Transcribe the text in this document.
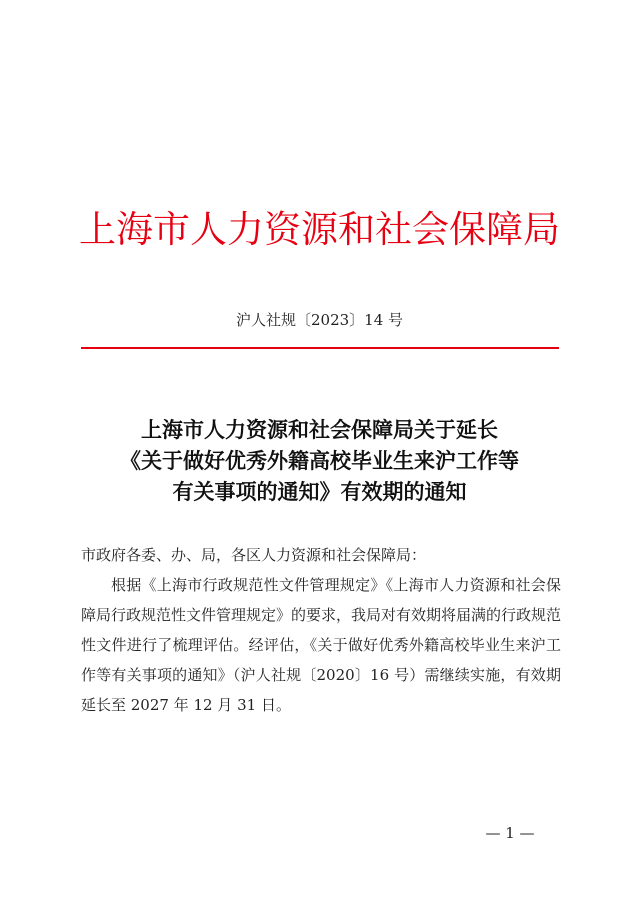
上海市人力资源和社会保障局
沪人社规〔2023〕14 号
上海市人力资源和社会保障局关于延长
《关于做好优秀外籍高校毕业生来沪工作等
有关事项的通知》有效期的通知
市政府各委、办、局，各区人力资源和社会保障局：
根据《上海市行政规范性文件管理规定》《上海市人力资源和社会保障局行政规范性文件管理规定》的要求，我局对有效期将届满的行政规范性文件进行了梳理评估。经评估，《关于做好优秀外籍高校毕业生来沪工作等有关事项的通知》（沪人社规〔2020〕16 号）需继续实施，有效期延长至 2027 年 12 月 31 日。
— 1 —
